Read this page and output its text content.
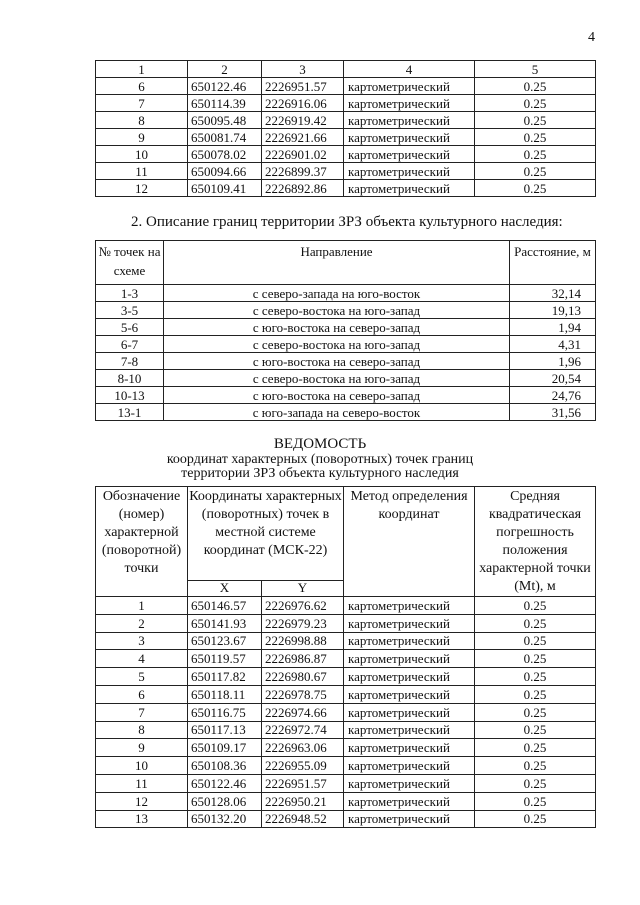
4
1	2	3	4	5
6	650122.46	2226951.57	картометрический	0.25
7	650114.39	2226916.06	картометрический	0.25
8	650095.48	2226919.42	картометрический	0.25
9	650081.74	2226921.66	картометрический	0.25
10	650078.02	2226901.02	картометрический	0.25
11	650094.66	2226899.37	картометрический	0.25
12	650109.41	2226892.86	картометрический	0.25
2. Описание границ территории ЗРЗ объекта культурного наследия:
№ точек на схеме	Направление	Расстояние, м
1-3	с северо-запада на юго-восток	32,14
3-5	с северо-востока на юго-запад	19,13
5-6	с юго-востока на северо-запад	1,94
6-7	с северо-востока на юго-запад	4,31
7-8	с юго-востока на северо-запад	1,96
8-10	с северо-востока на юго-запад	20,54
10-13	с юго-востока на северо-запад	24,76
13-1	с юго-запада на северо-восток	31,56
ВЕДОМОСТЬ
координат характерных (поворотных) точек границ
территории ЗРЗ объекта культурного наследия
Обозначение (номер) характерной (поворотной) точки	Координаты характерных (поворотных) точек в местной системе координат (МСК-22)		Метод определения координат	Средняя квадратическая погрешность положения характерной точки (Mt), м
	X	Y		
1	650146.57	2226976.62	картометрический	0.25
2	650141.93	2226979.23	картометрический	0.25
3	650123.67	2226998.88	картометрический	0.25
4	650119.57	2226986.87	картометрический	0.25
5	650117.82	2226980.67	картометрический	0.25
6	650118.11	2226978.75	картометрический	0.25
7	650116.75	2226974.66	картометрический	0.25
8	650117.13	2226972.74	картометрический	0.25
9	650109.17	2226963.06	картометрический	0.25
10	650108.36	2226955.09	картометрический	0.25
11	650122.46	2226951.57	картометрический	0.25
12	650128.06	2226950.21	картометрический	0.25
13	650132.20	2226948.52	картометрический	0.25
